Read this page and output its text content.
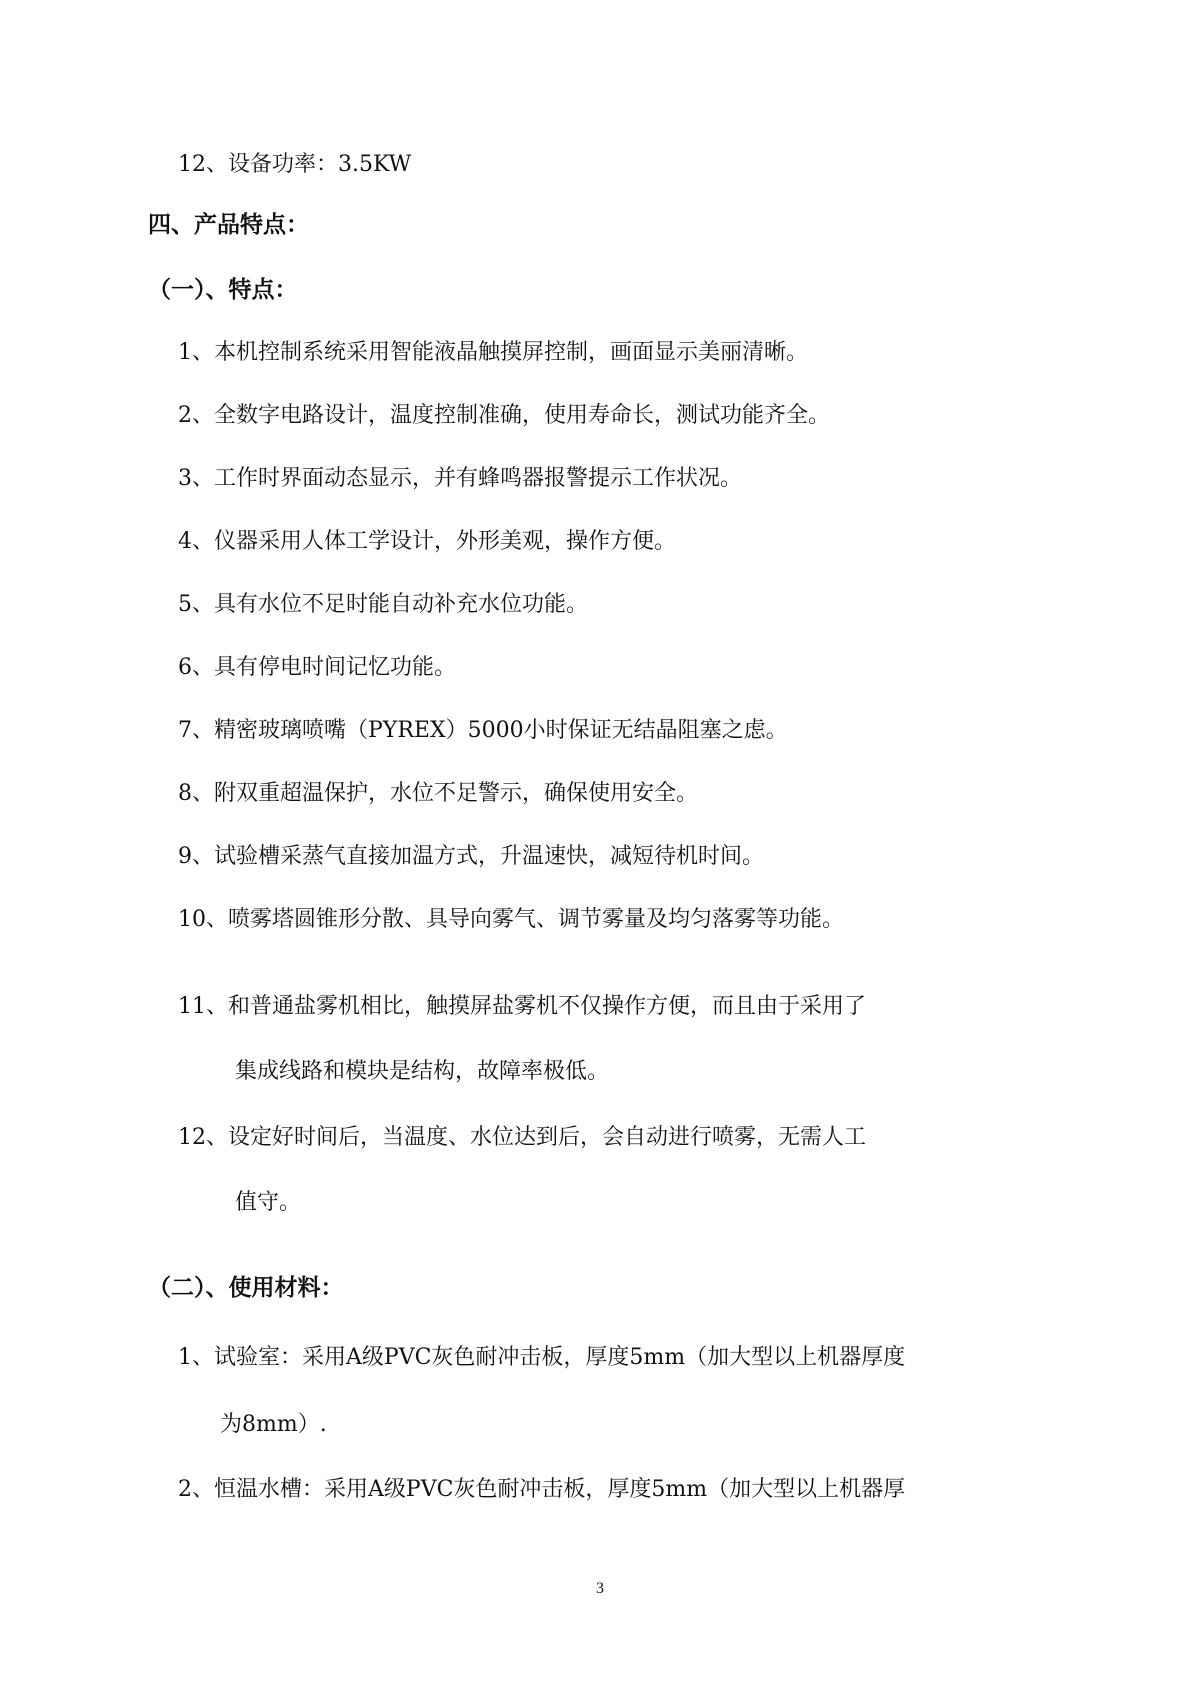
12、设备功率：3.5KW
四、产品特点：
（一）、特点：
1、本机控制系统采用智能液晶触摸屏控制，画面显示美丽清晰。
2、全数字电路设计，温度控制准确，使用寿命长，测试功能齐全。
3、工作时界面动态显示，并有蜂鸣器报警提示工作状况。
4、仪器采用人体工学设计，外形美观，操作方便。
5、具有水位不足时能自动补充水位功能。
6、具有停电时间记忆功能。
7、精密玻璃喷嘴（PYREX）5000小时保证无结晶阻塞之虑。
8、附双重超温保护，水位不足警示，确保使用安全。
9、试验槽采蒸气直接加温方式，升温速快，减短待机时间。
10、喷雾塔圆锥形分散、具导向雾气、调节雾量及均匀落雾等功能。
11、和普通盐雾机相比，触摸屏盐雾机不仅操作方便，而且由于采用了
集成线路和模块是结构，故障率极低。
12、设定好时间后，当温度、水位达到后，会自动进行喷雾，无需人工
值守。
（二）、使用材料：
1、试验室：采用A级PVC灰色耐冲击板，厚度5mm（加大型以上机器厚度
为8mm）.
2、恒温水槽：采用A级PVC灰色耐冲击板，厚度5mm（加大型以上机器厚
3
